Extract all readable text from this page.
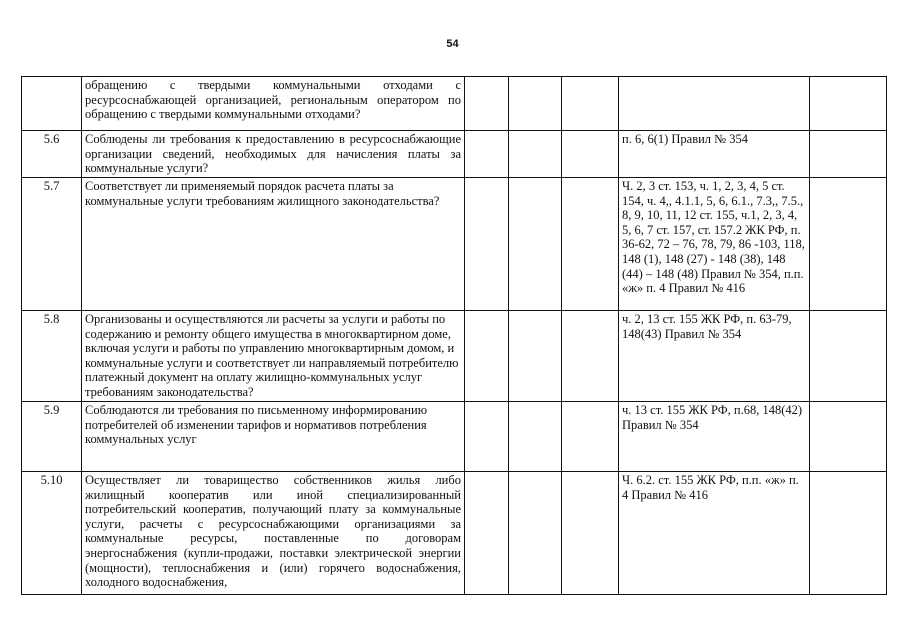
54
	обращению с твердыми коммунальными отходами с ресурсоснабжающей организацией, региональным оператором по обращению с твердыми коммунальными отходами?					
5.6	Соблюдены ли требования к предоставлению в ресурсоснабжающие организации сведений, необходимых для начисления платы за коммунальные услуги?				п. 6, 6(1) Правил № 354	
5.7	Соответствует ли применяемый порядок расчета платы за коммунальные услуги требованиям жилищного законодательства?				Ч. 2, 3 ст. 153, ч. 1, 2, 3, 4, 5 ст. 154, ч. 4,, 4.1.1, 5, 6, 6.1., 7.3,, 7.5., 8, 9, 10, 11, 12 ст. 155, ч.1, 2, 3, 4, 5, 6, 7 ст. 157, ст. 157.2 ЖК РФ, п. 36-62, 72 – 76, 78, 79, 86 -103, 118, 148 (1), 148 (27) - 148 (38), 148 (44) – 148 (48) Правил № 354, п.п. «ж» п. 4 Правил № 416	
5.8	Организованы и осуществляются ли расчеты за услуги и работы по содержанию и ремонту общего имущества в многоквартирном доме, включая услуги и работы по управлению многоквартирным домом, и коммунальные услуги и соответствует ли направляемый потребителю платежный документ на оплату жилищно-коммунальных услуг требованиям законодательства?				ч. 2, 13 ст. 155 ЖК РФ, п. 63-79, 148(43) Правил № 354	
5.9	Соблюдаются ли требования по письменному информированию потребителей об изменении тарифов и нормативов потребления коммунальных услуг				ч. 13 ст. 155 ЖК РФ, п.68, 148(42) Правил № 354	
5.10	Осуществляет ли товарищество собственников жилья либо жилищный кооператив или иной специализированный потребительский кооператив, получающий плату за коммунальные услуги, расчеты с ресурсоснабжающими организациями за коммунальные ресурсы, поставленные по договорам энергоснабжения (купли-продажи, поставки электрической энергии (мощности), теплоснабжения и (или) горячего водоснабжения, холодного водоснабжения,				Ч. 6.2. ст. 155 ЖК РФ, п.п. «ж» п. 4 Правил № 416	
